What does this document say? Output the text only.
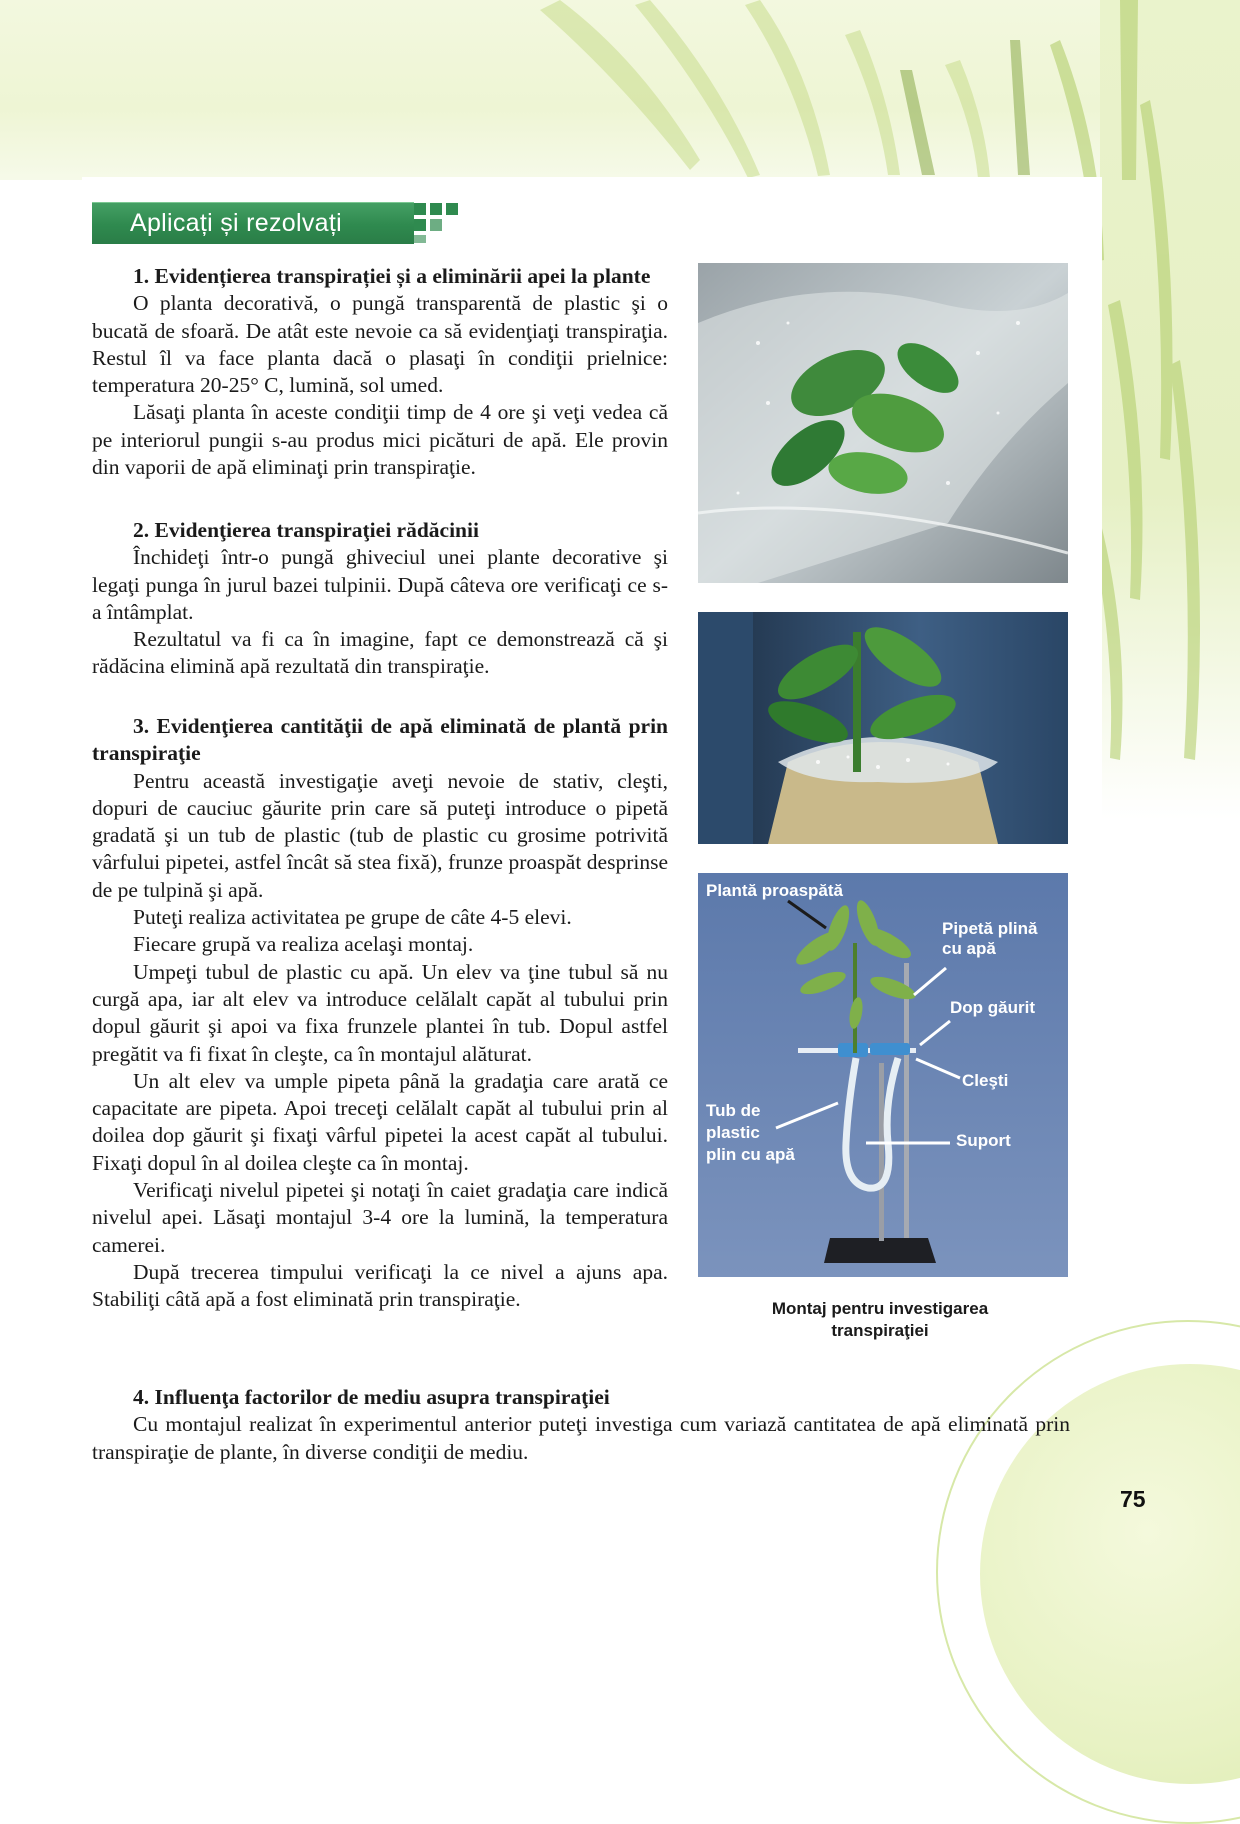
Aplicați și rezolvați

1. Evidențierea transpirației și a eliminării apei la plante

O planta decorativă, o pungă transparentă de plastic şi o bucată de sfoară. De atât este nevoie ca să evidenţiaţi transpiraţia. Restul îl va face planta dacă o plasaţi în condiţii prielnice: temperatura 20-25° C, lumină, sol umed.

Lăsaţi planta în aceste condiţii timp de 4 ore şi veţi vedea că pe interiorul pungii s-au produs mici picături de apă. Ele provin din vaporii de apă eliminaţi prin transpiraţie.

2. Evidenţierea transpiraţiei rădăcinii

Închideţi într-o pungă ghiveciul unei plante decorative şi legaţi punga în jurul bazei tulpinii. După câteva ore verificaţi ce s-a întâmplat.

Rezultatul va fi ca în imagine, fapt ce demonstrează că şi rădăcina elimină apă rezultată din transpiraţie.

3. Evidenţierea cantităţii de apă eliminată de plantă prin transpiraţie

Pentru această investigaţie aveţi nevoie de stativ, cleşti, dopuri de cauciuc găurite prin care să puteţi introduce o pipetă gradată şi un tub de plastic (tub de plastic cu grosime potrivită vârfului pipetei, astfel încât să stea fixă), frunze proaspăt desprinse de pe tulpină şi apă.

Puteţi realiza activitatea pe grupe de câte 4-5 elevi.

Fiecare grupă va realiza acelaşi montaj.

Umpeţi tubul de plastic cu apă. Un elev va ţine tubul să nu curgă apa, iar alt elev va introduce celălalt capăt al tubului prin dopul găurit şi apoi va fixa frunzele plantei în tub. Dopul astfel pregătit va fi fixat în cleşte, ca în montajul alăturat.

Un alt elev va umple pipeta până la gradaţia care arată ce capacitate are pipeta. Apoi treceţi celălalt capăt al tubului prin al doilea dop găurit şi fixaţi vârful pipetei la acest capăt al tubului. Fixaţi dopul în al doilea cleşte ca în montaj.

Verificaţi nivelul pipetei şi notaţi în caiet gradaţia care indică nivelul apei. Lăsaţi montajul 3-4 ore la lumină, la temperatura camerei.

După trecerea timpului verificaţi la ce nivel a ajuns apa. Stabiliţi câtă apă a fost eliminată prin transpiraţie.

4. Influenţa factorilor de mediu asupra transpiraţiei

Cu montajul realizat în experimentul anterior puteţi investiga cum variază cantitatea de apă eliminată prin transpiraţie de plante, în diverse condiţii de mediu.

Plantă proaspătă
Pipetă plină
cu apă
Dop găurit
Cleşti
Tub de
plastic
plin cu apă
Suport
Montaj pentru investigarea
transpiraţiei
75
